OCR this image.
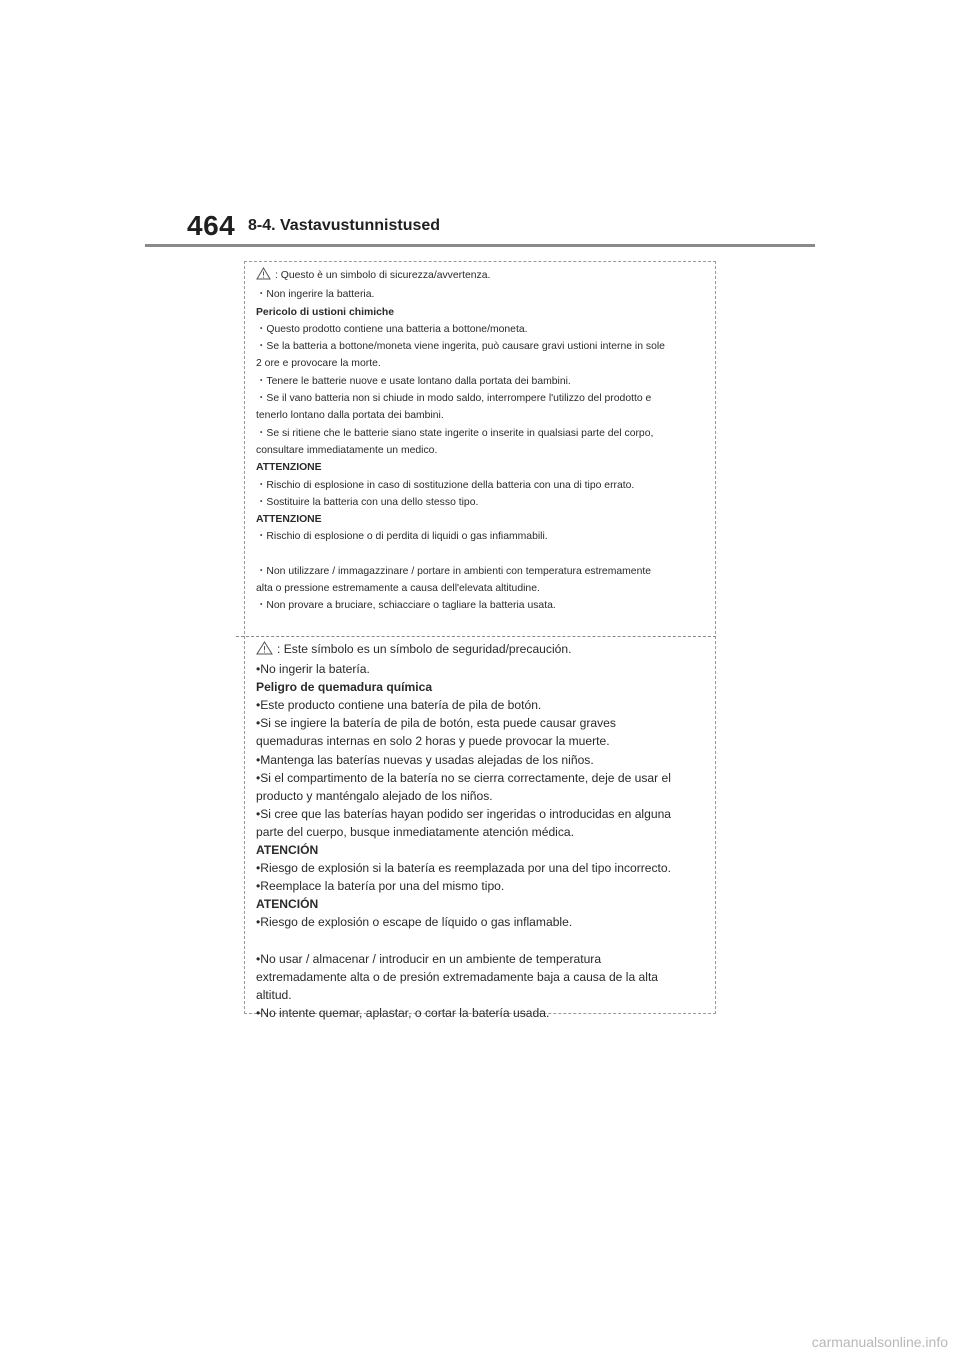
464 8-4. Vastavustunnistused
: Questo è un simbolo di sicurezza/avvertenza.
・Non ingerire la batteria.
Pericolo di ustioni chimiche
・Questo prodotto contiene una batteria a bottone/moneta.
・Se la batteria a bottone/moneta viene ingerita, può causare gravi ustioni interne in sole
2 ore e provocare la morte.
・Tenere le batterie nuove e usate lontano dalla portata dei bambini.
・Se il vano batteria non si chiude in modo saldo, interrompere l'utilizzo del prodotto e
tenerlo lontano dalla portata dei bambini.
・Se si ritiene che le batterie siano state ingerite o inserite in qualsiasi parte del corpo,
consultare immediatamente un medico.
ATTENZIONE
・Rischio di esplosione in caso di sostituzione della batteria con una di tipo errato.
・Sostituire la batteria con una dello stesso tipo.
ATTENZIONE
・Rischio di esplosione o di perdita di liquidi o gas infiammabili.
・Non utilizzare / immagazzinare / portare in ambienti con temperatura estremamente
alta o pressione estremamente a causa dell'elevata altitudine.
・Non provare a bruciare, schiacciare o tagliare la batteria usata.
: Este símbolo es un símbolo de seguridad/precaución.
•No ingerir la batería.
Peligro de quemadura química
•Este producto contiene una batería de pila de botón.
•Si se ingiere la batería de pila de botón, esta puede causar graves
quemaduras internas en solo 2 horas y puede provocar la muerte.
•Mantenga las baterías nuevas y usadas alejadas de los niños.
•Si el compartimento de la batería no se cierra correctamente, deje de usar el
producto y manténgalo alejado de los niños.
•Si cree que las baterías hayan podido ser ingeridas o introducidas en alguna
parte del cuerpo, busque inmediatamente atención médica.
ATENCIÓN
•Riesgo de explosión si la batería es reemplazada por una del tipo incorrecto.
•Reemplace la batería por una del mismo tipo.
ATENCIÓN
•Riesgo de explosión o escape de líquido o gas inflamable.
•No usar / almacenar / introducir en un ambiente de temperatura
extremadamente alta o de presión extremadamente baja a causa de la alta
altitud.
•No intente quemar, aplastar, o cortar la batería usada.
carmanualsonline.info
